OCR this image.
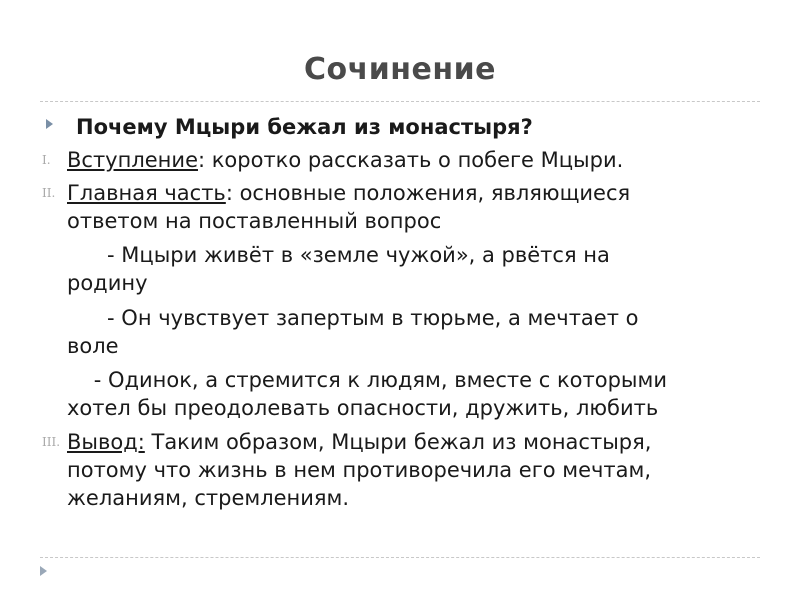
Сочинение
Почему Мцыри бежал из монастыря?
I. Вступление: коротко рассказать о побеге Мцыри.
II. Главная часть: основные положения, являющиеся
ответом на поставленный вопрос
- Мцыри живёт в «земле чужой», а рвётся на
родину
- Он чувствует запертым в тюрьме, а мечтает о
воле
- Одинок, а стремится к людям, вместе с которыми
хотел бы преодолевать опасности, дружить, любить
III. Вывод: Таким образом, Мцыри бежал из монастыря,
потому что жизнь в нем противоречила его мечтам,
желаниям, стремлениям.
